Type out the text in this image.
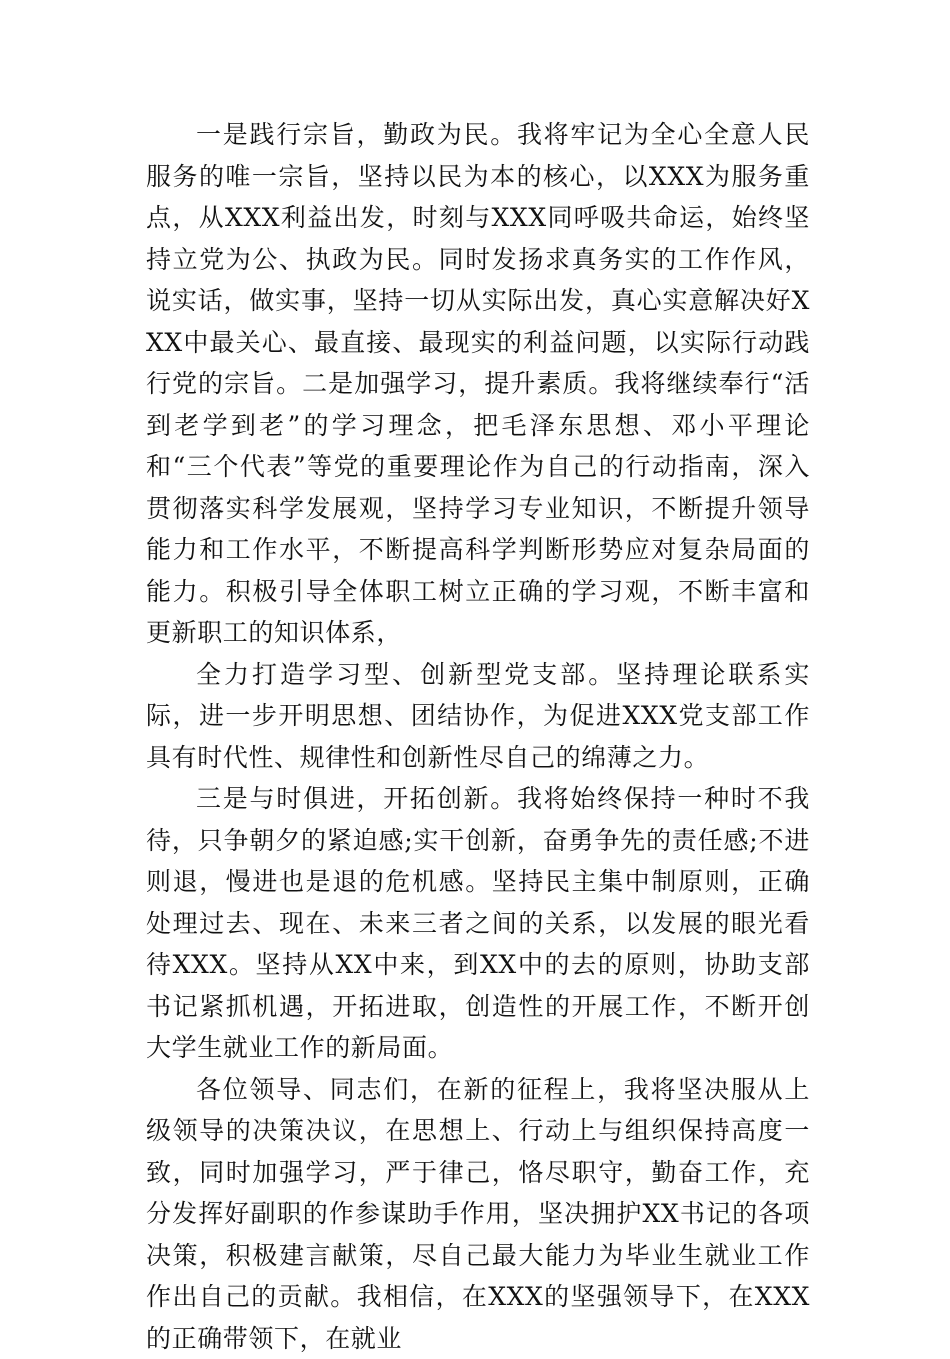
一是践行宗旨，勤政为民。我将牢记为全心全意人民服务的唯一宗旨，坚持以民为本的核心，以XXX为服务重点，从XXX利益出发，时刻与XXX同呼吸共命运，始终坚持立党为公、执政为民。同时发扬求真务实的工作作风，说实话，做实事，坚持一切从实际出发，真心实意解决好XXX中最关心、最直接、最现实的利益问题，以实际行动践行党的宗旨。二是加强学习，提升素质。我将继续奉行“活到老学到老”的学习理念，把毛泽东思想、邓小平理论和“三个代表”等党的重要理论作为自己的行动指南，深入贯彻落实科学发展观，坚持学习专业知识，不断提升领导能力和工作水平，不断提高科学判断形势应对复杂局面的能力。积极引导全体职工树立正确的学习观，不断丰富和更新职工的知识体系，

全力打造学习型、创新型党支部。坚持理论联系实际，进一步开明思想、团结协作，为促进XXX党支部工作具有时代性、规律性和创新性尽自己的绵薄之力。

三是与时俱进，开拓创新。我将始终保持一种时不我待，只争朝夕的紧迫感;实干创新，奋勇争先的责任感;不进则退，慢进也是退的危机感。坚持民主集中制原则，正确处理过去、现在、未来三者之间的关系，以发展的眼光看待XXX。坚持从XX中来，到XX中的去的原则，协助支部书记紧抓机遇，开拓进取，创造性的开展工作，不断开创大学生就业工作的新局面。

各位领导、同志们，在新的征程上，我将坚决服从上级领导的决策决议，在思想上、行动上与组织保持高度一致，同时加强学习，严于律己，恪尽职守，勤奋工作，充分发挥好副职的作参谋助手作用，坚决拥护XX书记的各项决策，积极建言献策，尽自己最大能力为毕业生就业工作作出自己的贡献。我相信，在XXX的坚强领导下，在XXX的正确带领下，在就业
